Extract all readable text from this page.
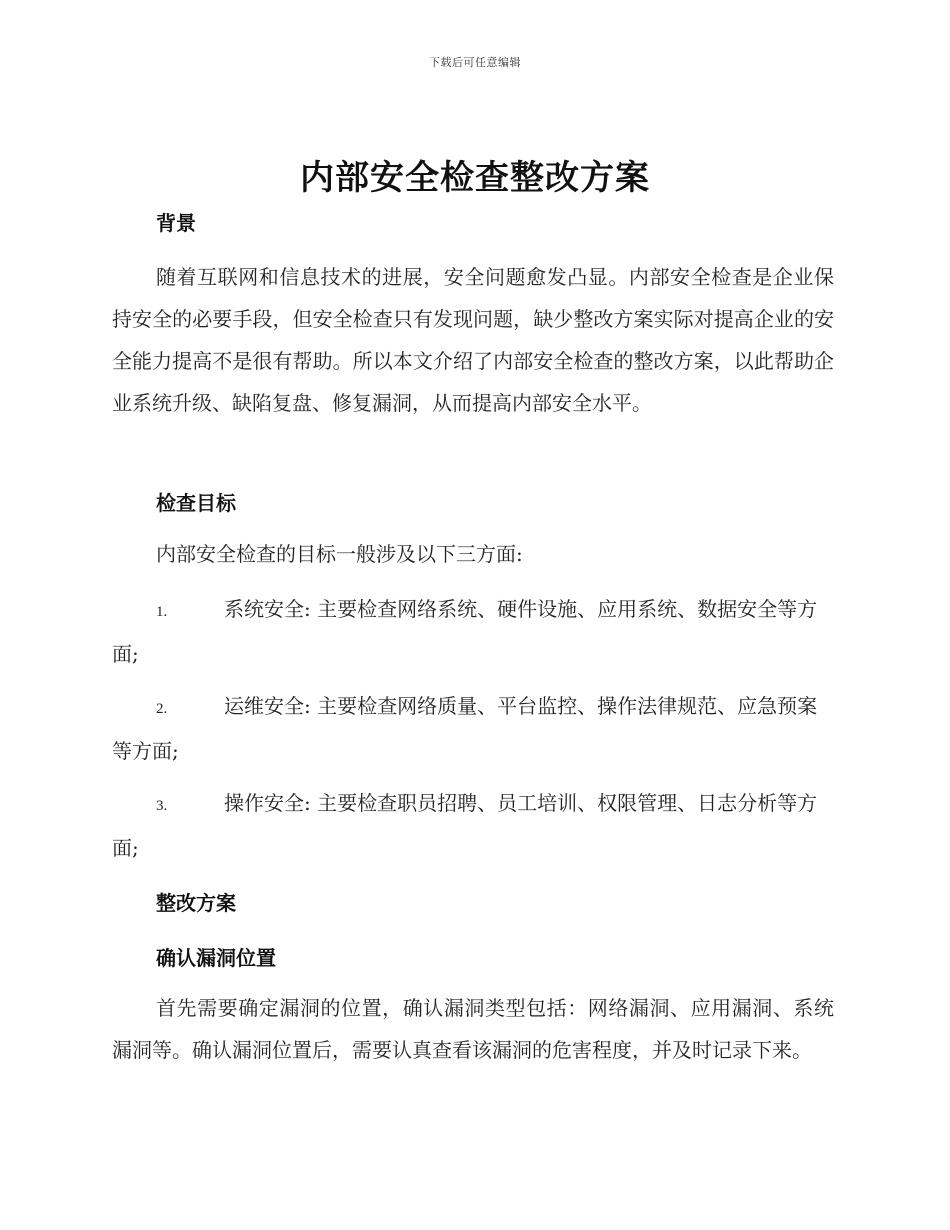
下载后可任意编辑
内部安全检查整改方案
背景
随着互联网和信息技术的进展，安全问题愈发凸显。内部安全检查是企业保持安全的必要手段，但安全检查只有发现问题，缺少整改方案实际对提高企业的安全能力提高不是很有帮助。所以本文介绍了内部安全检查的整改方案，以此帮助企业系统升级、缺陷复盘、修复漏洞，从而提高内部安全水平。
检查目标
内部安全检查的目标一般涉及以下三方面:
1.	系统安全: 主要检查网络系统、硬件设施、应用系统、数据安全等方面;
2.	运维安全: 主要检查网络质量、平台监控、操作法律规范、应急预案等方面;
3.	操作安全: 主要检查职员招聘、员工培训、权限管理、日志分析等方面;
整改方案
确认漏洞位置
首先需要确定漏洞的位置，确认漏洞类型包括：网络漏洞、应用漏洞、系统漏洞等。确认漏洞位置后，需要认真查看该漏洞的危害程度，并及时记录下来。
